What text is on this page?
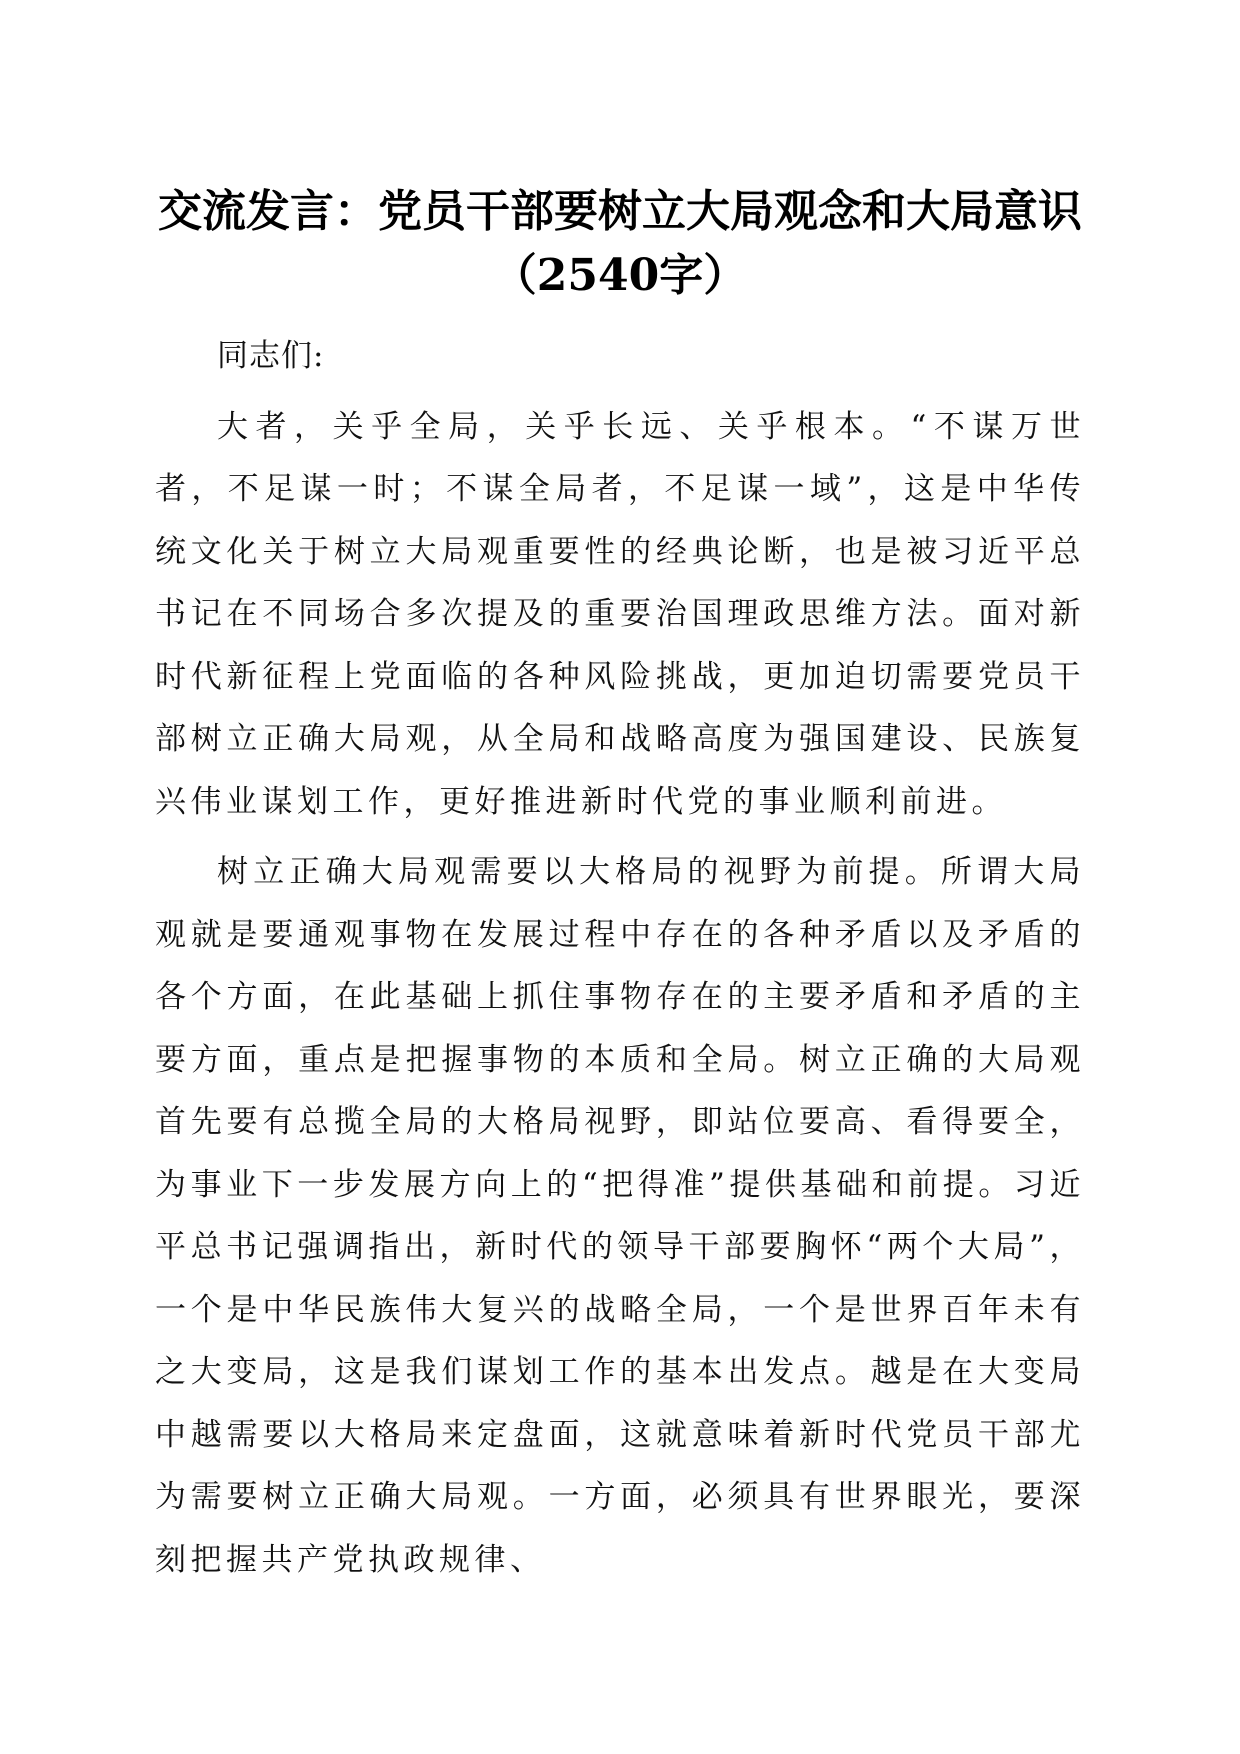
交流发言：党员干部要树立大局观念和大局意识（2540字）

同志们:

大者，关乎全局，关乎长远、关乎根本。“不谋万世者，不足谋一时；不谋全局者，不足谋一域”，这是中华传统文化关于树立大局观重要性的经典论断，也是被习近平总书记在不同场合多次提及的重要治国理政思维方法。面对新时代新征程上党面临的各种风险挑战，更加迫切需要党员干部树立正确大局观，从全局和战略高度为强国建设、民族复兴伟业谋划工作，更好推进新时代党的事业顺利前进。

树立正确大局观需要以大格局的视野为前提。所谓大局观就是要通观事物在发展过程中存在的各种矛盾以及矛盾的各个方面，在此基础上抓住事物存在的主要矛盾和矛盾的主要方面，重点是把握事物的本质和全局。树立正确的大局观首先要有总揽全局的大格局视野，即站位要高、看得要全，为事业下一步发展方向上的“把得准”提供基础和前提。习近平总书记强调指出，新时代的领导干部要胸怀“两个大局”，一个是中华民族伟大复兴的战略全局，一个是世界百年未有之大变局，这是我们谋划工作的基本出发点。越是在大变局中越需要以大格局来定盘面，这就意味着新时代党员干部尤为需要树立正确大局观。一方面，必须具有世界眼光，要深刻把握共产党执政规律、
